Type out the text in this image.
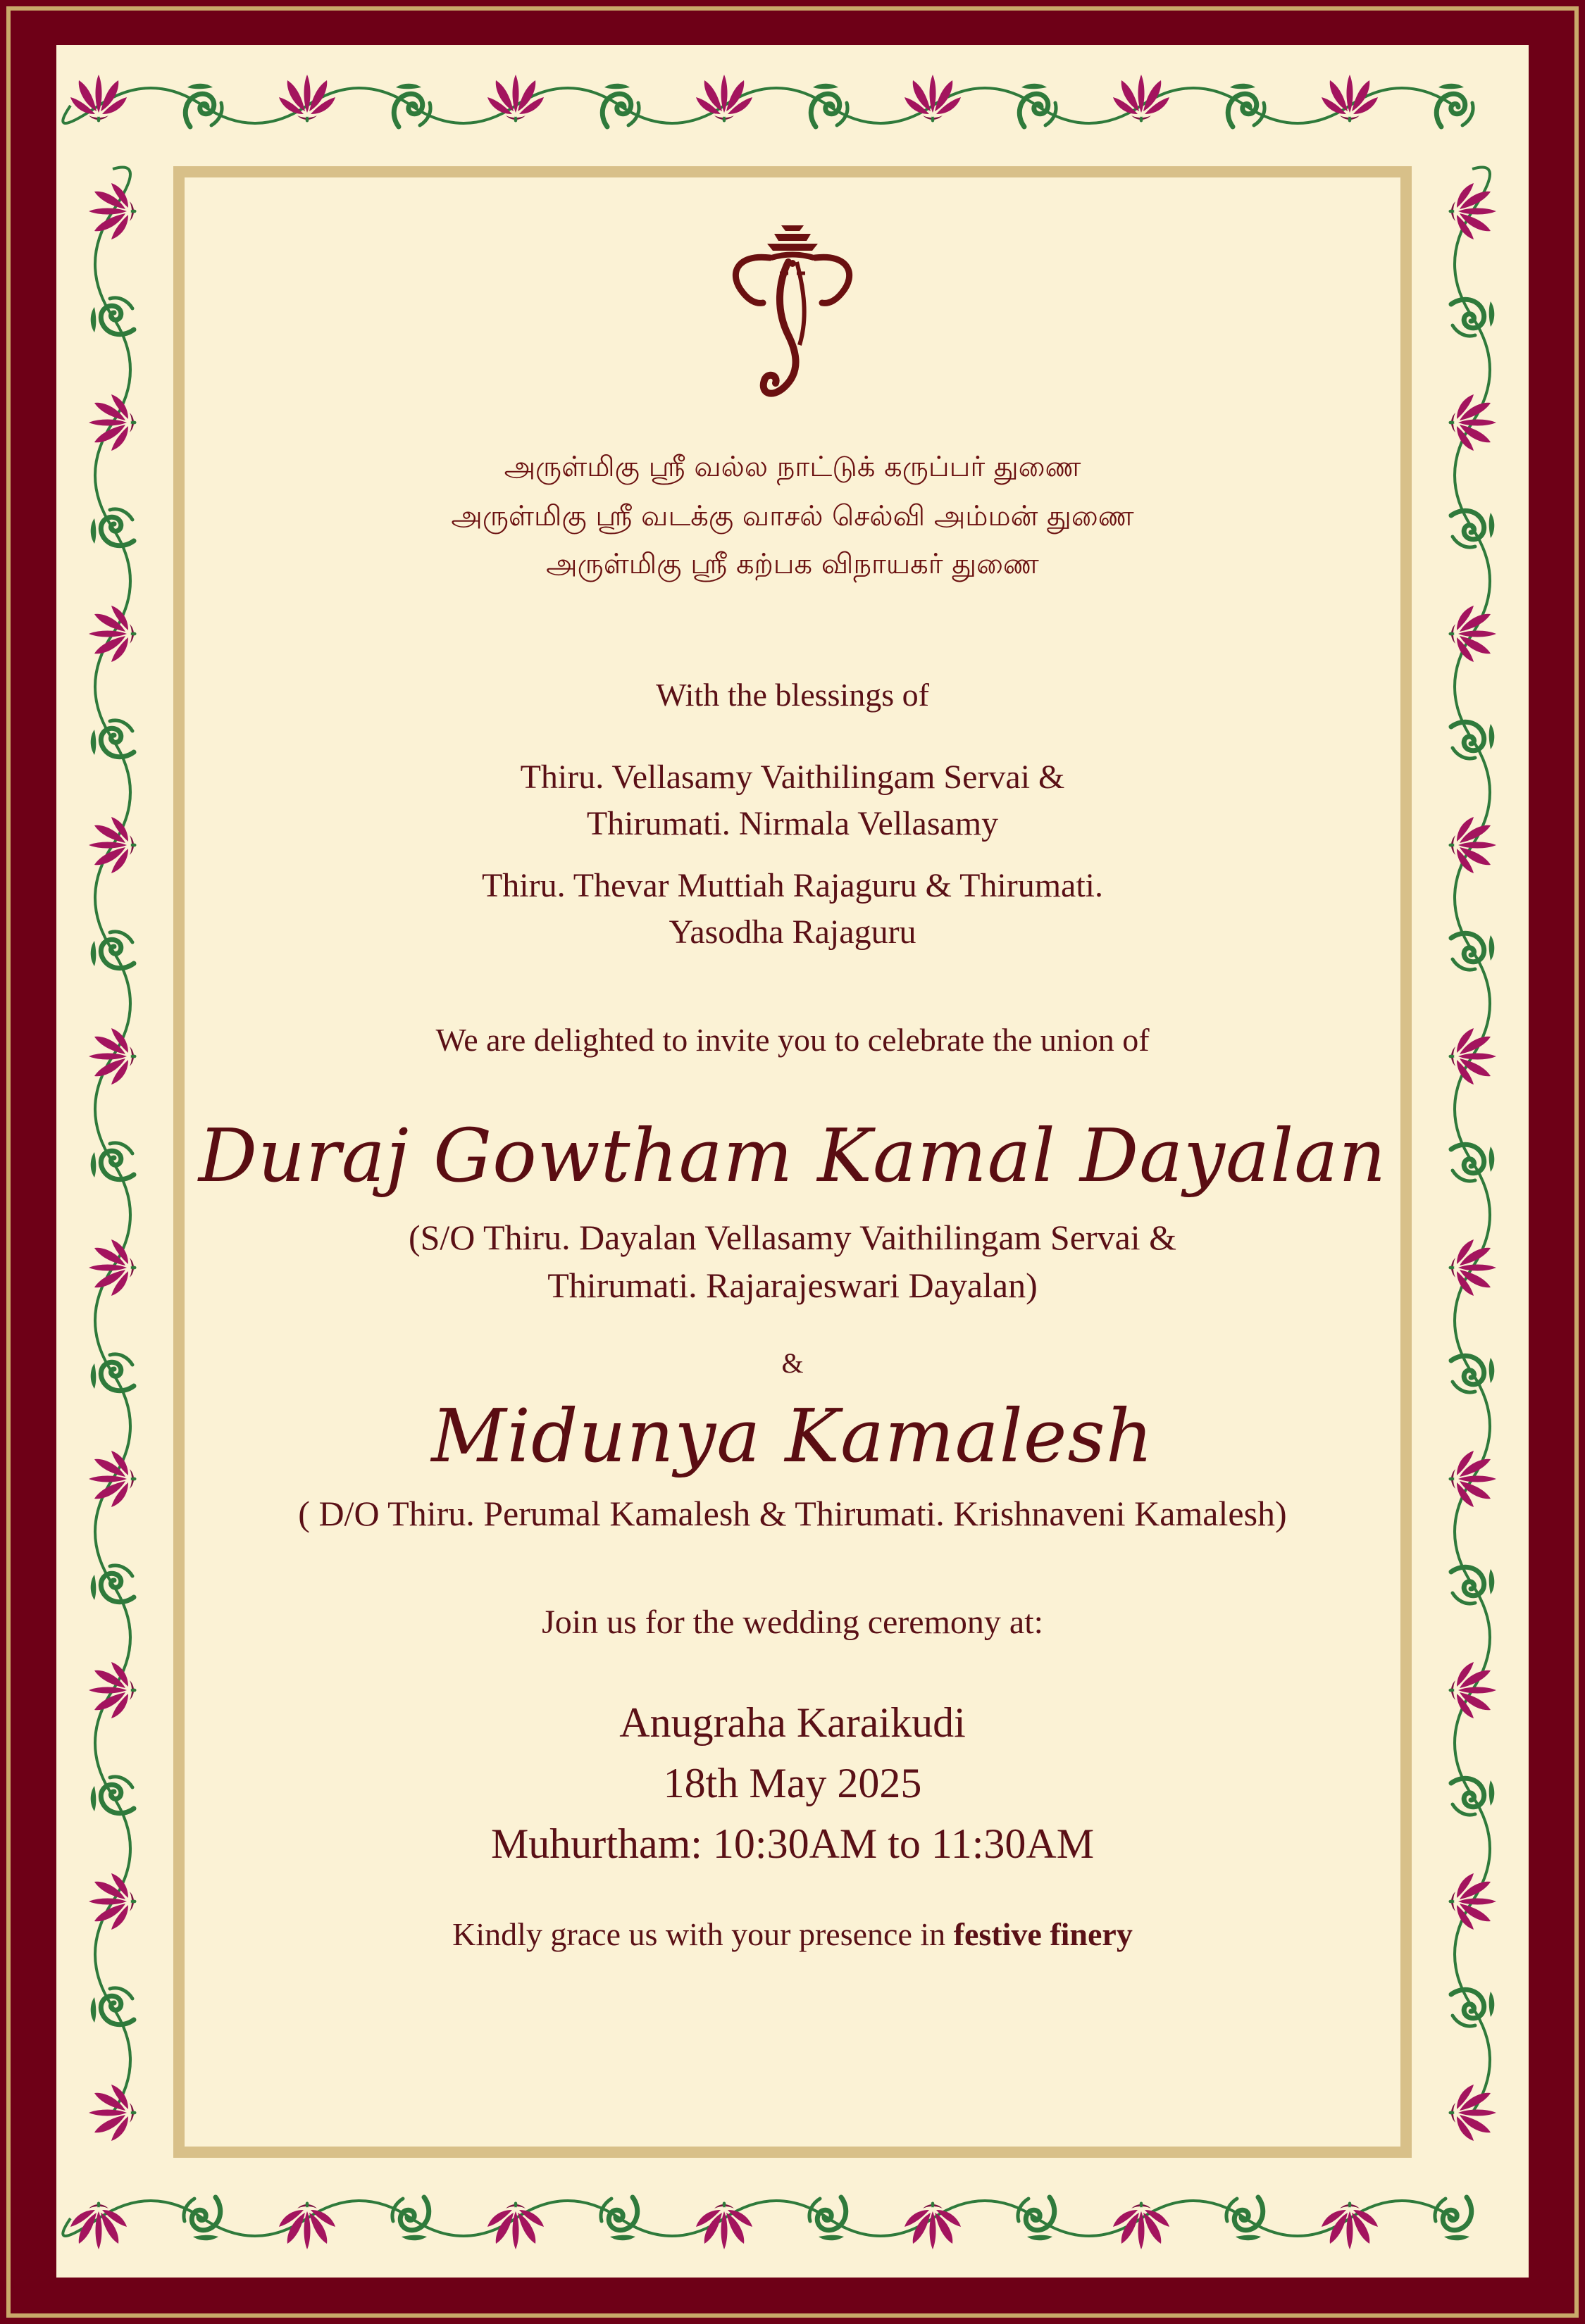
அருள்மிகு ஸ்ரீ வல்ல நாட்டுக் கருப்பர் துணை

அருள்மிகு ஸ்ரீ வடக்கு வாசல் செல்வி அம்மன் துணை

அருள்மிகு ஸ்ரீ கற்பக விநாயகர் துணை

With the blessings of

Thiru. Vellasamy Vaithilingam Servai &

Thirumati. Nirmala Vellasamy

Thiru. Thevar Muttiah Rajaguru & Thirumati.

Yasodha Rajaguru

We are delighted to invite you to celebrate the union of

Duraj Gowtham Kamal Dayalan

(S/O Thiru. Dayalan Vellasamy Vaithilingam Servai &

Thirumati. Rajarajeswari Dayalan)

&

Midunya Kamalesh

( D/O Thiru. Perumal Kamalesh & Thirumati. Krishnaveni Kamalesh)

Join us for the wedding ceremony at:

Anugraha Karaikudi

18th May 2025

Muhurtham: 10:30AM to 11:30AM

Kindly grace us with your presence in festive finery
